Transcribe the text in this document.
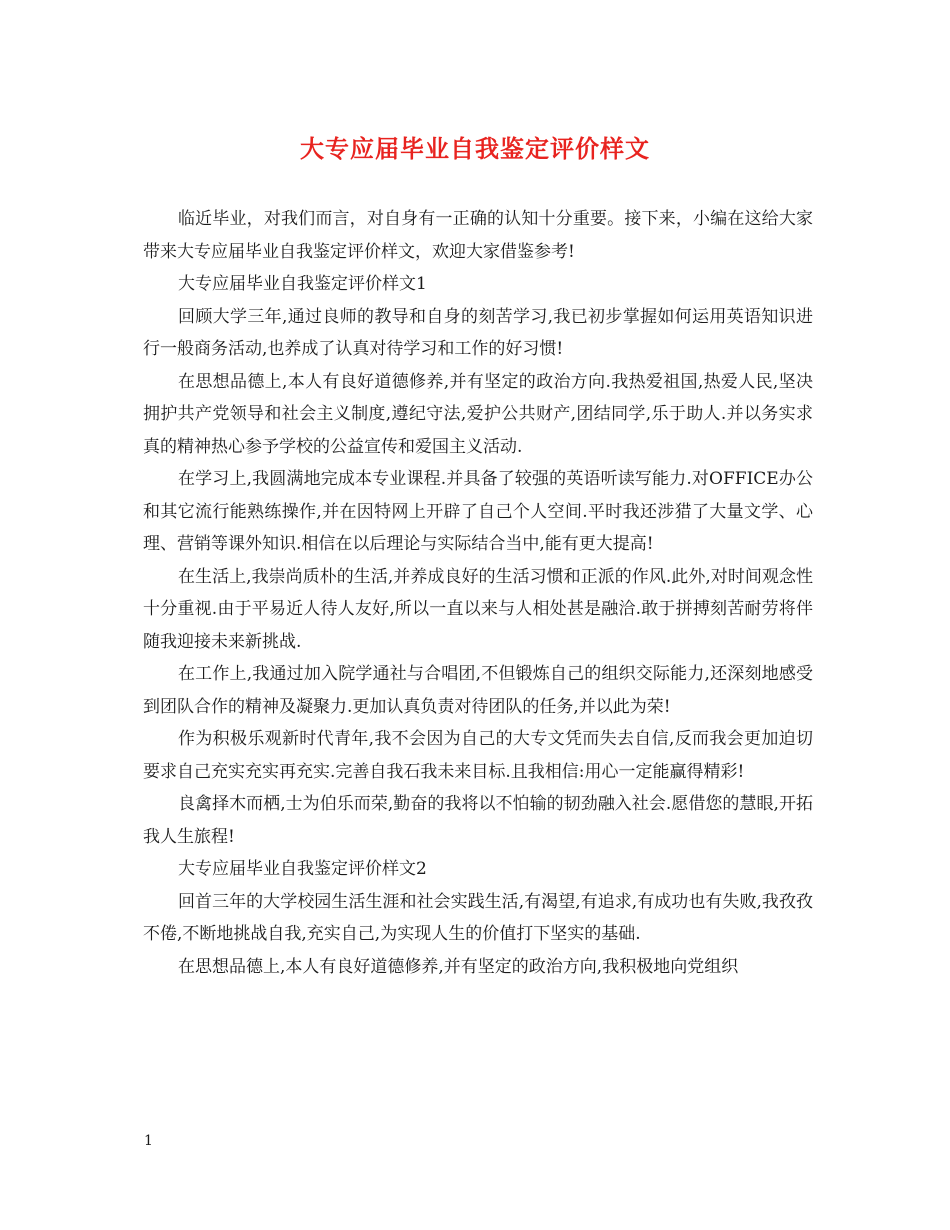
大专应届毕业自我鉴定评价样文

临近毕业，对我们而言，对自身有一正确的认知十分重要。接下来，小编在这给大家带来大专应届毕业自我鉴定评价样文，欢迎大家借鉴参考!

大专应届毕业自我鉴定评价样文1

回顾大学三年,通过良师的教导和自身的刻苦学习,我已初步掌握如何运用英语知识进行一般商务活动,也养成了认真对待学习和工作的好习惯!

在思想品德上,本人有良好道德修养,并有坚定的政治方向.我热爱祖国,热爱人民,坚决拥护共产党领导和社会主义制度,遵纪守法,爱护公共财产,团结同学,乐于助人.并以务实求真的精神热心参予学校的公益宣传和爱国主义活动.

在学习上,我圆满地完成本专业课程.并具备了较强的英语听读写能力.对OFFICE办公和其它流行能熟练操作,并在因特网上开辟了自己个人空间.平时我还涉猎了大量文学、心理、营销等课外知识.相信在以后理论与实际结合当中,能有更大提高!

在生活上,我崇尚质朴的生活,并养成良好的生活习惯和正派的作风.此外,对时间观念性十分重视.由于平易近人待人友好,所以一直以来与人相处甚是融洽.敢于拼搏刻苦耐劳将伴随我迎接未来新挑战.

在工作上,我通过加入院学通社与合唱团,不但锻炼自己的组织交际能力,还深刻地感受到团队合作的精神及凝聚力.更加认真负责对待团队的任务,并以此为荣!

作为积极乐观新时代青年,我不会因为自己的大专文凭而失去自信,反而我会更加迫切要求自己充实充实再充实.完善自我石我未来目标.且我相信:用心一定能赢得精彩!

良禽择木而栖,士为伯乐而荣,勤奋的我将以不怕输的韧劲融入社会.愿借您的慧眼,开拓我人生旅程!

大专应届毕业自我鉴定评价样文2

回首三年的大学校园生活生涯和社会实践生活,有渴望,有追求,有成功也有失败,我孜孜不倦,不断地挑战自我,充实自己,为实现人生的价值打下坚实的基础.

在思想品德上,本人有良好道德修养,并有坚定的政治方向,我积极地向党组织

1
